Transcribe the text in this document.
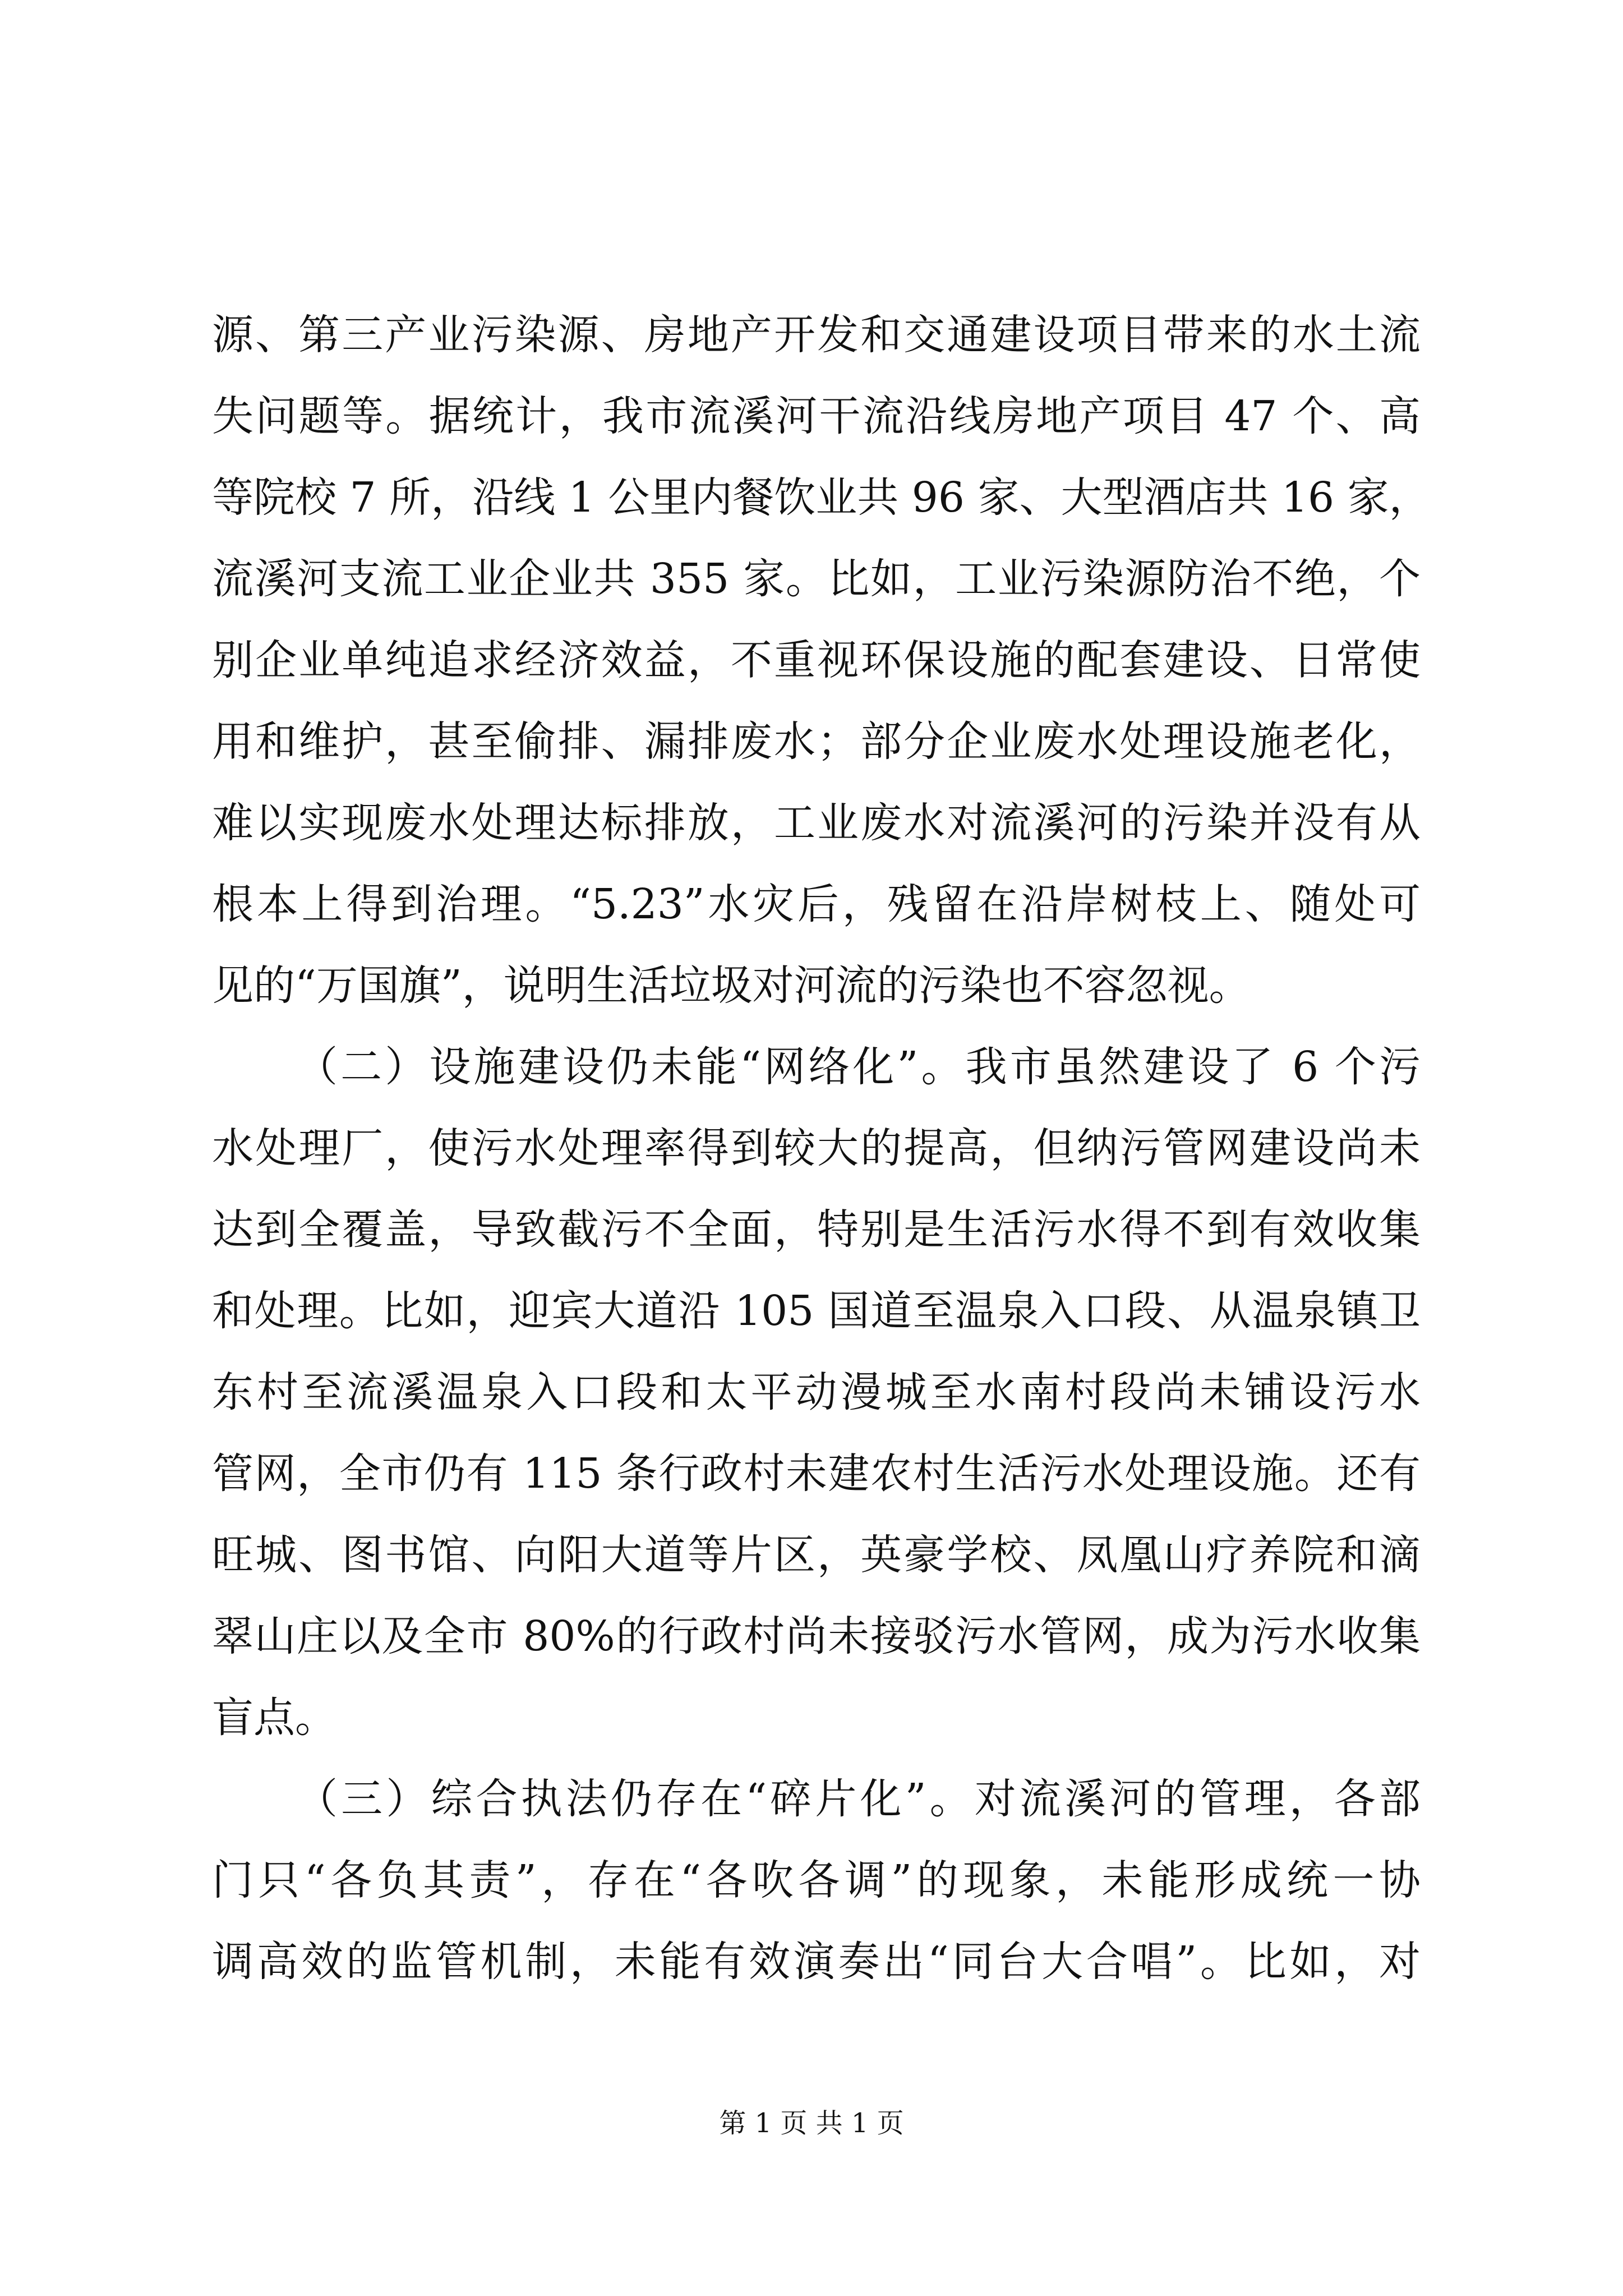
源、第三产业污染源、房地产开发和交通建设项目带来的水土流
失问题等。据统计，我市流溪河干流沿线房地产项目 47 个、高
等院校 7 所，沿线 1 公里内餐饮业共 96 家、大型酒店共 16 家，
流溪河支流工业企业共 355 家。比如，工业污染源防治不绝，个
别企业单纯追求经济效益，不重视环保设施的配套建设、日常使
用和维护，甚至偷排、漏排废水；部分企业废水处理设施老化，
难以实现废水处理达标排放，工业废水对流溪河的污染并没有从
根本上得到治理。“5.23”水灾后，残留在沿岸树枝上、随处可
见的“万国旗”，说明生活垃圾对河流的污染也不容忽视。
（二）设施建设仍未能“网络化”。我市虽然建设了 6 个污
水处理厂，使污水处理率得到较大的提高，但纳污管网建设尚未
达到全覆盖，导致截污不全面，特别是生活污水得不到有效收集
和处理。比如，迎宾大道沿 105 国道至温泉入口段、从温泉镇卫
东村至流溪温泉入口段和太平动漫城至水南村段尚未铺设污水
管网，全市仍有 115 条行政村未建农村生活污水处理设施。还有
旺城、图书馆、向阳大道等片区，英豪学校、凤凰山疗养院和滴
翠山庄以及全市 80%的行政村尚未接驳污水管网，成为污水收集
盲点。
（三）综合执法仍存在“碎片化”。对流溪河的管理，各部
门只“各负其责”，存在“各吹各调”的现象，未能形成统一协
调高效的监管机制，未能有效演奏出“同台大合唱”。比如，对
第 1 页 共 1 页
